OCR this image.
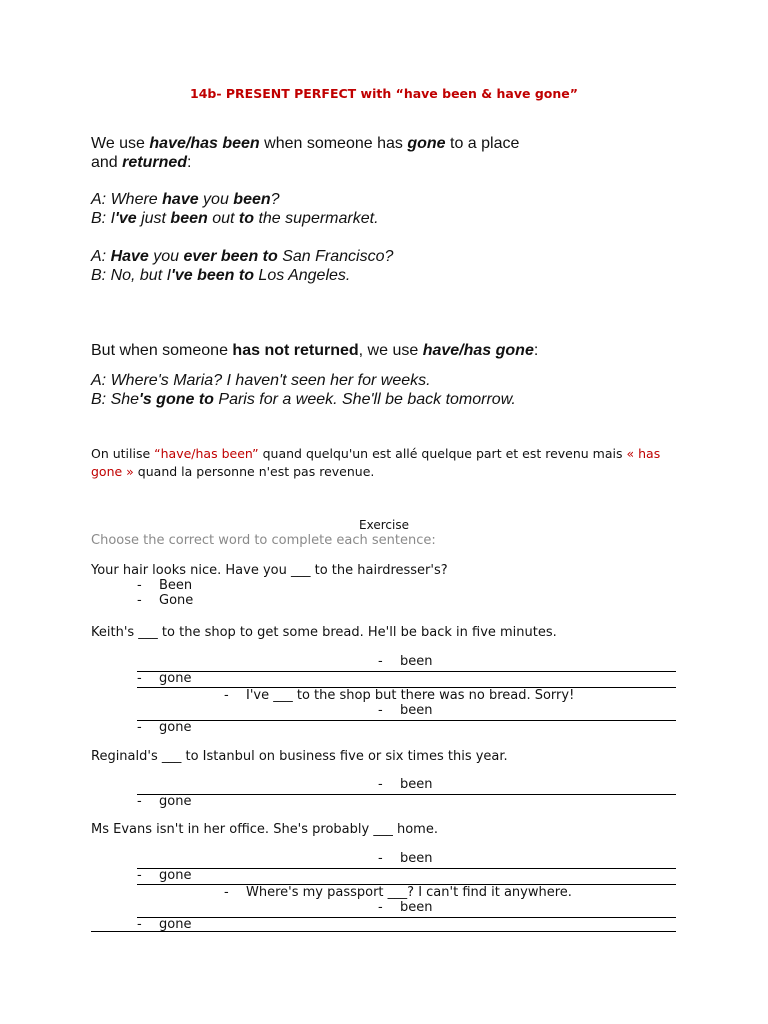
14b- PRESENT PERFECT with “have been & have gone”
We use have/has been when someone has gone to a place
and returned:
A: Where have you been?
B: I've just been out to the supermarket.
A: Have you ever been to San Francisco?
B: No, but I've been to Los Angeles.
But when someone has not returned, we use have/has gone:
A: Where's Maria? I haven't seen her for weeks.
B: She's gone to Paris for a week. She'll be back tomorrow.
On utilise “have/has been” quand quelqu'un est allé quelque part et est revenu mais « has gone » quand la personne n'est pas revenue.
Exercise
Choose the correct word to complete each sentence:
Your hair looks nice. Have you ___ to the hairdresser's?
- Been
- Gone
Keith's ___ to the shop to get some bread. He'll be back in five minutes.
- been
- gone
- I've ___ to the shop but there was no bread. Sorry!
- been
- gone
Reginald's ___ to Istanbul on business five or six times this year.
- been
- gone
Ms Evans isn't in her office. She's probably ___ home.
- been
- gone
- Where's my passport ___? I can't find it anywhere.
- been
- gone
